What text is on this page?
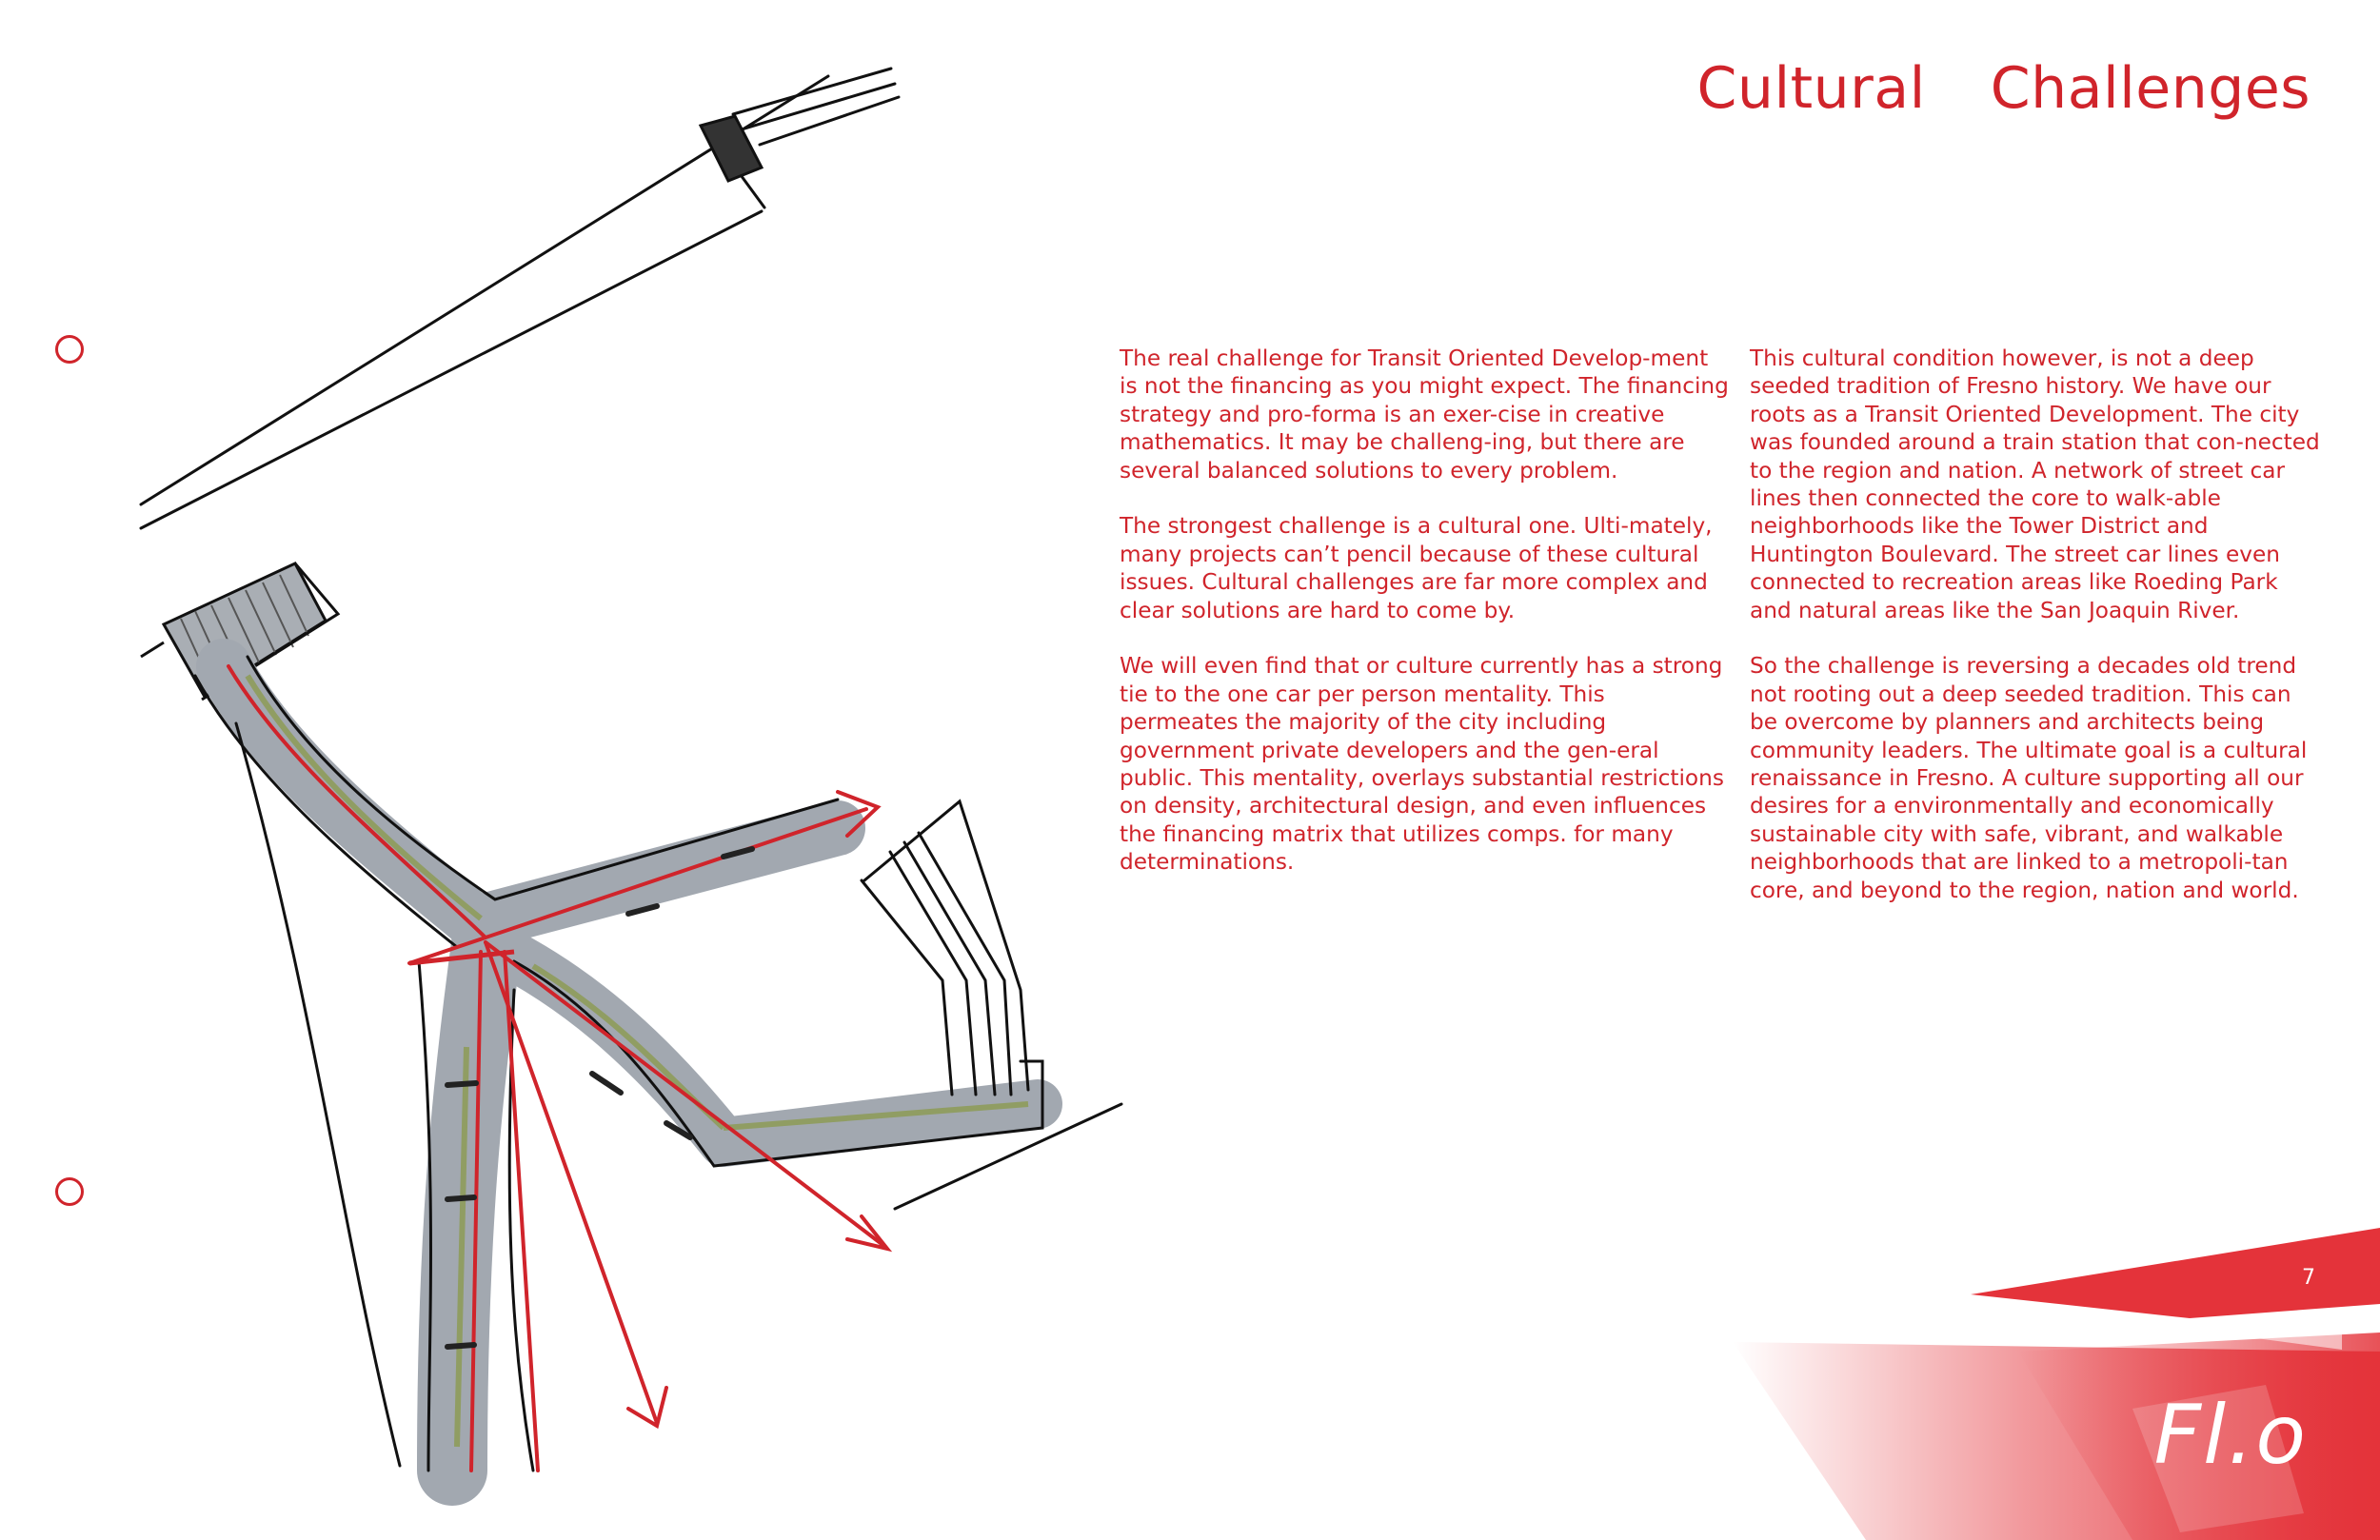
Cultural Challenges

The real challenge for Transit Oriented Develop-ment is not the financing as you might expect. The financing strategy and pro-forma is an exer-cise in creative mathematics. It may be challeng-ing, but there are several balanced solutions to every problem.

The strongest challenge is a cultural one. Ulti-mately, many projects can’t pencil because of these cultural issues. Cultural challenges are far more complex and clear solutions are hard to come by.

We will even find that or culture currently has a strong tie to the one car per person mentality. This permeates the majority of the city including government private developers and the gen-eral public. This mentality, overlays substantial restrictions on density, architectural design, and even influences the financing matrix that utilizes comps. for many determinations.

This cultural condition however, is not a deep seeded tradition of Fresno history. We have our roots as a Transit Oriented Development. The city was founded around a train station that con-nected to the region and nation. A network of street car lines then connected the core to walk-able neighborhoods like the Tower District and Huntington Boulevard. The street car lines even connected to recreation areas like Roeding Park and natural areas like the San Joaquin River.

So the challenge is reversing a decades old trend not rooting out a deep seeded tradition. This can be overcome by planners and architects being community leaders. The ultimate goal is a cultural renaissance in Fresno. A culture supporting all our desires for a environmentally and economically sustainable city with safe, vibrant, and walkable neighborhoods that are linked to a metropoli-tan core, and beyond to the region, nation and world.

7
Fl.o
